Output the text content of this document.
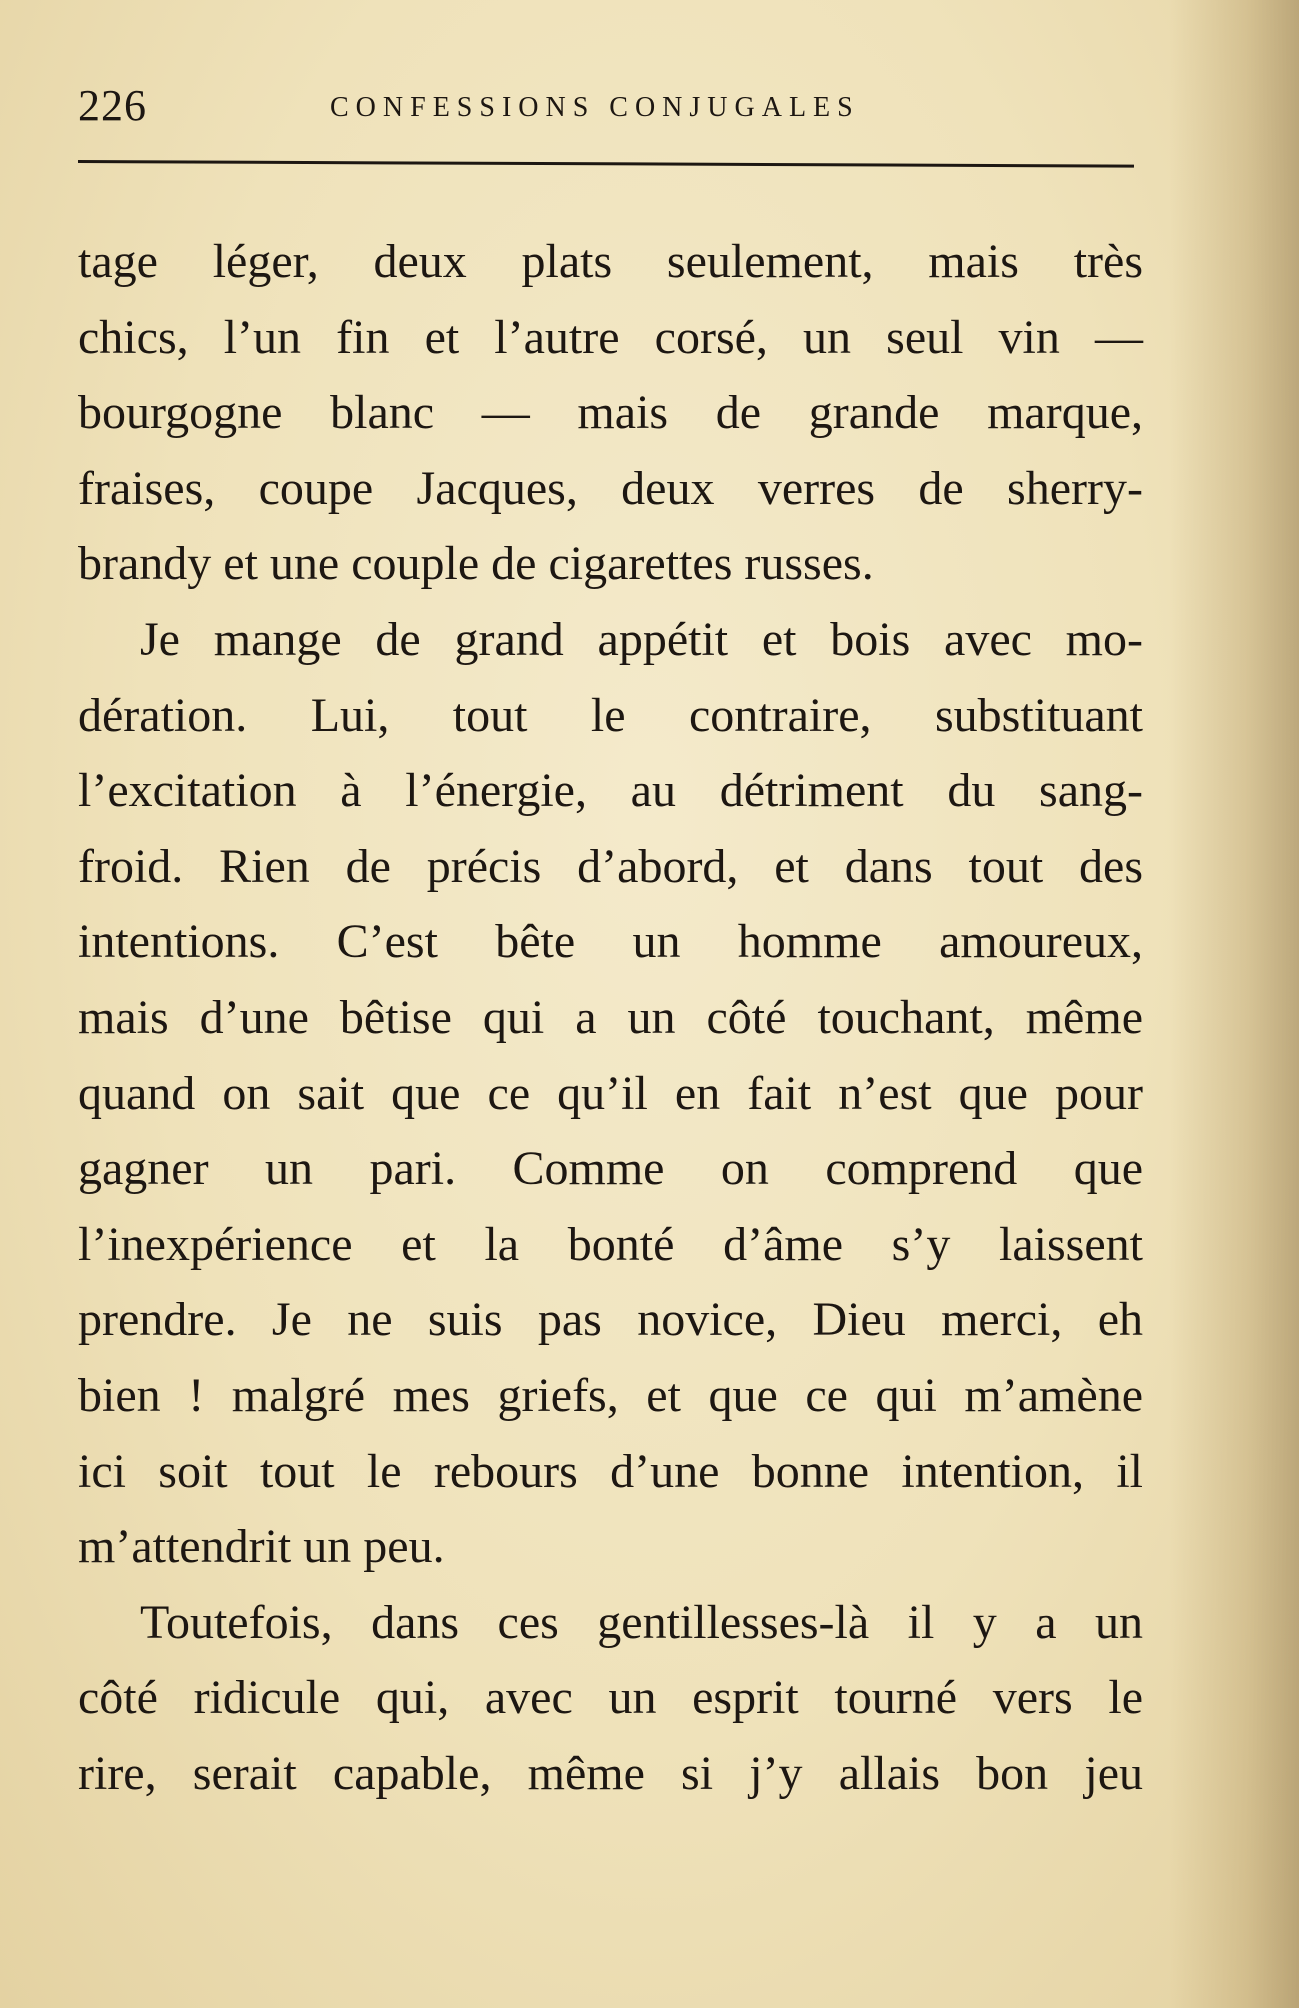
226	CONFESSIONS CONJUGALES
tage léger, deux plats seulement, mais très
chics, l’un fin et l’autre corsé, un seul vin —
bourgogne blanc — mais de grande marque,
fraises, coupe Jacques, deux verres de sherry-
brandy et une couple de cigarettes russes.
Je mange de grand appétit et bois avec mo-
dération. Lui, tout le contraire, substituant
l’excitation à l’énergie, au détriment du sang-
froid. Rien de précis d’abord, et dans tout des
intentions. C’est bête un homme amoureux,
mais d’une bêtise qui a un côté touchant, même
quand on sait que ce qu’il en fait n’est que pour
gagner un pari. Comme on comprend que
l’inexpérience et la bonté d’âme s’y laissent
prendre. Je ne suis pas novice, Dieu merci, eh
bien ! malgré mes griefs, et que ce qui m’amène
ici soit tout le rebours d’une bonne intention, il
m’attendrit un peu.
Toutefois, dans ces gentillesses-là il y a un
côté ridicule qui, avec un esprit tourné vers le
rire, serait capable, même si j’y allais bon jeu
